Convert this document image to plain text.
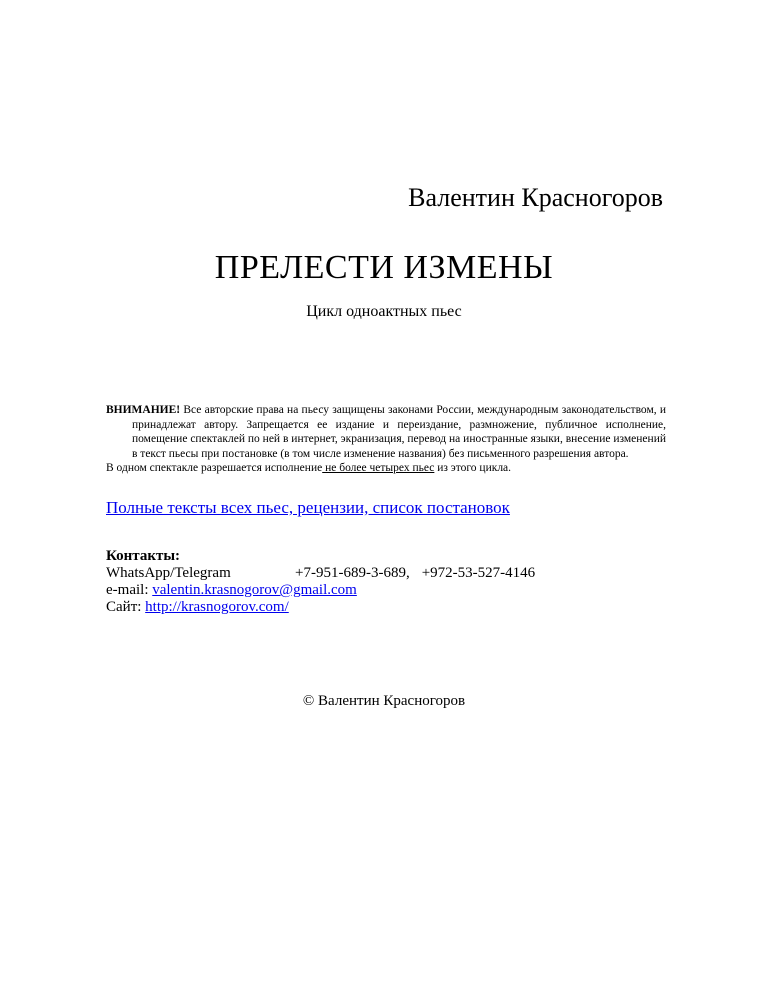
Валентин Красногоров
ПРЕЛЕСТИ ИЗМЕНЫ
Цикл одноактных пьес
ВНИМАНИЕ! Все авторские права на пьесу защищены законами России, международным законодательством, и принадлежат автору. Запрещается ее издание и переиздание, размножение, публичное исполнение, помещение спектаклей по ней в интернет, экранизация, перевод на иностранные языки, внесение изменений в текст пьесы при постановке (в том числе изменение названия) без письменного разрешения автора.
В одном спектакле разрешается исполнение не более четырех пьес из этого цикла.
Полные тексты всех пьес, рецензии, список постановок
Контакты:
WhatsApp/Telegram	+7-951-689-3-689, +972-53-527-4146
e-mail: valentin.krasnogorov@gmail.com
Сайт: http://krasnogorov.com/
© Валентин Красногоров
